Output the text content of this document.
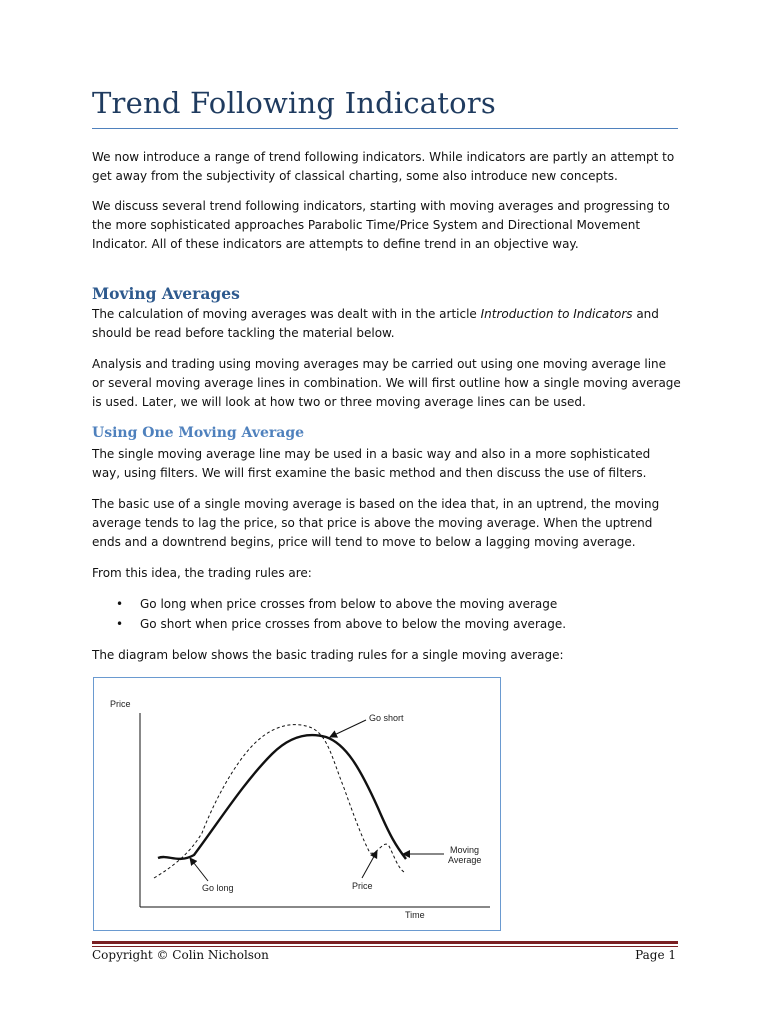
Trend Following Indicators

We now introduce a range of trend following indicators. While indicators are partly an attempt to get away from the subjectivity of classical charting, some also introduce new concepts.

We discuss several trend following indicators, starting with moving averages and progressing to the more sophisticated approaches Parabolic Time/Price System and Directional Movement Indicator. All of these indicators are attempts to define trend in an objective way.

Moving Averages

The calculation of moving averages was dealt with in the article Introduction to Indicators and should be read before tackling the material below.

Analysis and trading using moving averages may be carried out using one moving average line or several moving average lines in combination. We will first outline how a single moving average is used. Later, we will look at how two or three moving average lines can be used.

Using One Moving Average

The single moving average line may be used in a basic way and also in a more sophisticated way, using filters. We will first examine the basic method and then discuss the use of filters.

The basic use of a single moving average is based on the idea that, in an uptrend, the moving average tends to lag the price, so that price is above the moving average. When the uptrend ends and a downtrend begins, price will tend to move to below a lagging moving average.

From this idea, the trading rules are:

• Go long when price crosses from below to above the moving average
• Go short when price crosses from above to below the moving average.

The diagram below shows the basic trading rules for a single moving average:

Price
Time
Go short
Go long	Price
Moving
Average

Copyright © Colin Nicholson	Page 1
